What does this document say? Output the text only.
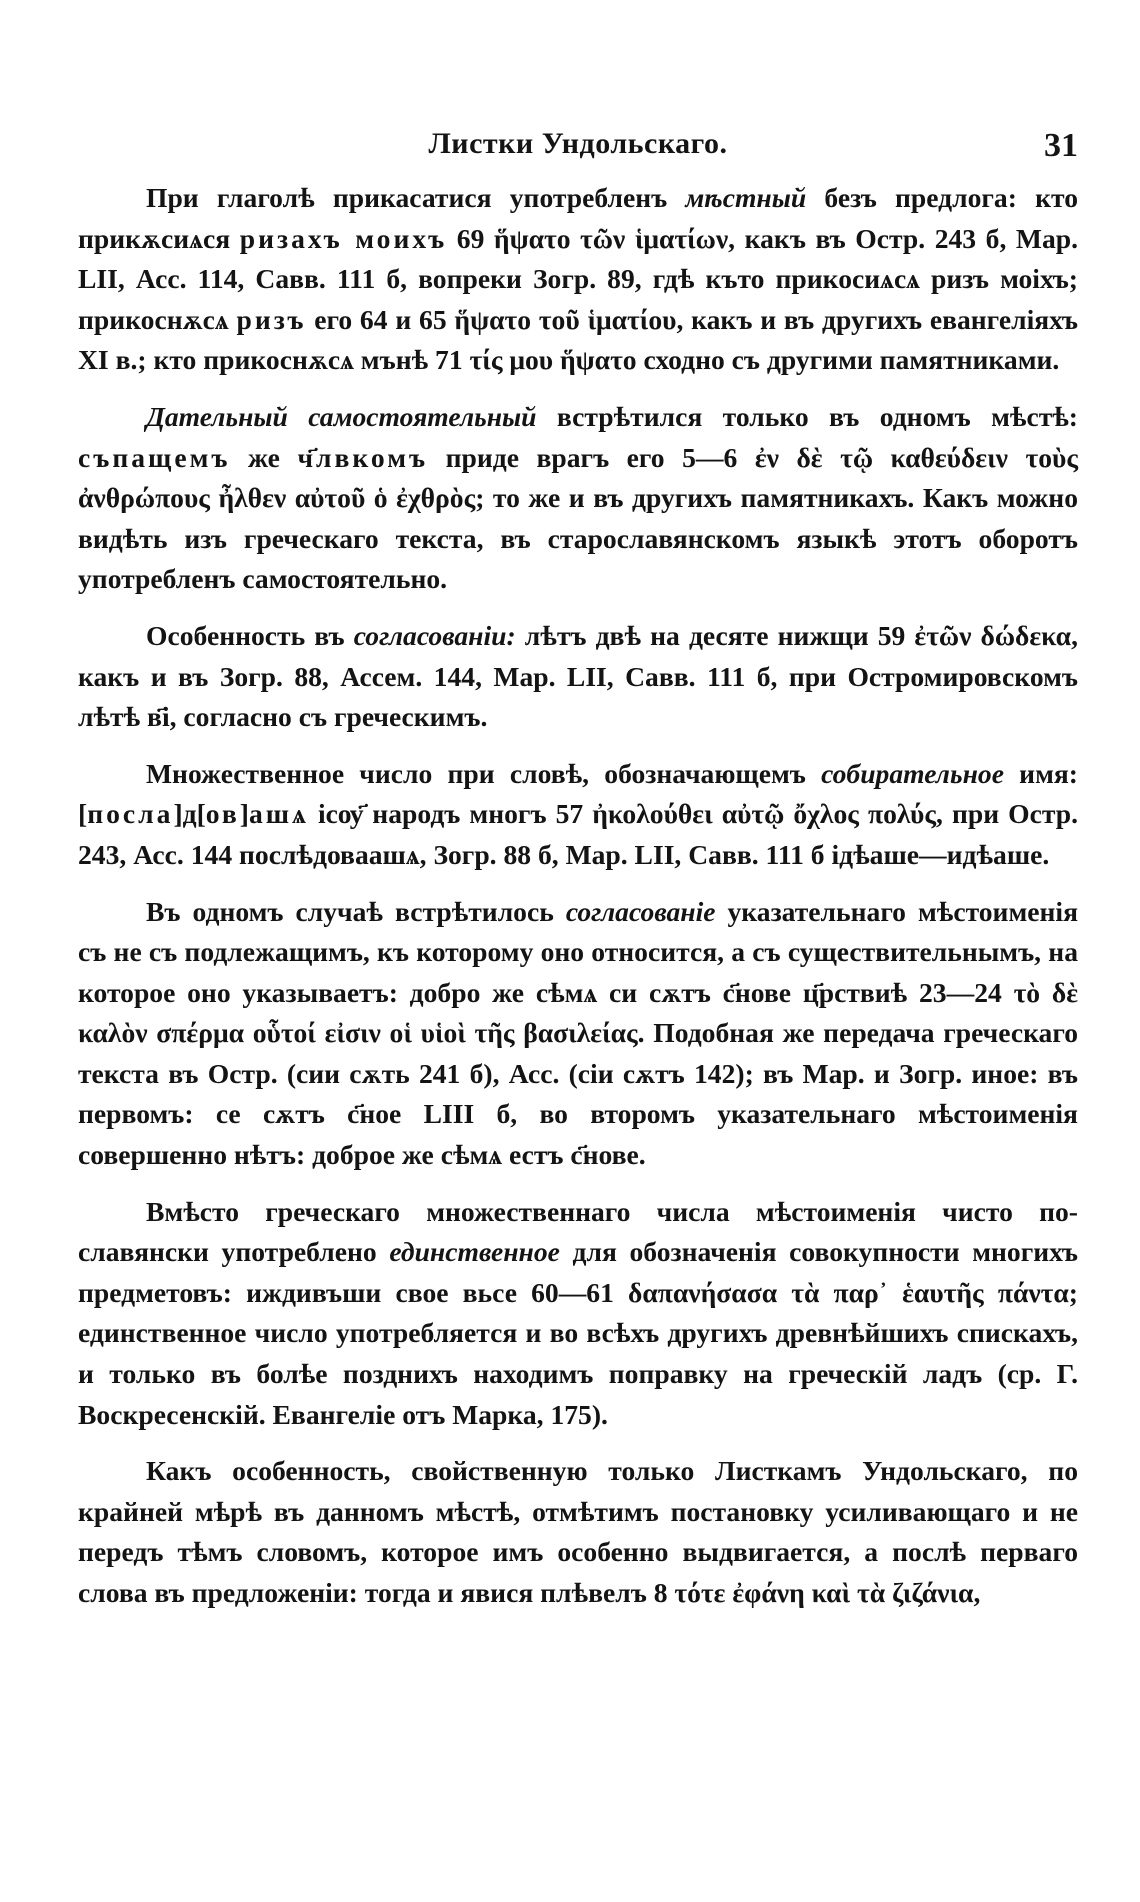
Листки Ундольскаго.	31

При глаголѣ прикасатися употребленъ мѣстный безъ предлога: кто прикѫсиѧся ризахъ моихъ 69 ἥψατο τῶν ἱματίων, какъ въ Остр. 243 б, Мар. LII, Асс. 114, Савв. 111 б, вопреки Зогр. 89, гдѣ къто прикосиѧсѧ ризъ моіхъ; прикоснѫсѧ ризъ его 64 и 65 ἥψατο τοῦ ἱματίου, какъ и въ другихъ евангеліяхъ XI в.; кто прикоснѫсѧ мънѣ 71 τίς μου ἥψατο сходно съ другими памятниками.

Дательный самостоятельный встрѣтился только въ одномъ мѣстѣ: съпащемъ же ч҃лвкомъ приде врагъ его 5—6 ἐν δὲ τῷ καθεύδειν τοὺς ἀνθρώπους ἦλθεν αὐτοῦ ὁ ἐχθρὸς; то же и въ другихъ памятникахъ. Какъ можно видѣть изъ греческаго текста, въ старославянскомъ языкѣ этотъ оборотъ употребленъ самостоятельно.

Особенность въ согласованіи: лѣтъ двѣ на десяте нижщи 59 ἐτῶν δώδεκα, какъ и въ Зогр. 88, Ассем. 144, Мар. LII, Савв. 111 б, при Остромировскомъ лѣтѣ в҃і, согласно съ греческимъ.

Множественное число при словѣ, обозначающемъ собирательное имя: [посла]д[ов]ашѧ ісѹ҃ народъ многъ 57 ἠκολούθει αὐτῷ ὄχλος πολύς, при Остр. 243, Асс. 144 послѣдоваашѧ, Зогр. 88 б, Мар. LII, Савв. 111 б ідѣаше—идѣаше.

Въ одномъ случаѣ встрѣтилось согласованіе указательнаго мѣстоименія съ не съ подлежащимъ, къ которому оно относится, а съ существительнымъ, на которое оно указываетъ: добро же сѣмѧ си сѫтъ с҃нове ц҃рствиѣ 23—24 τὸ δὲ καλὸν σπέρμα οὗτοί εἰσιν οἱ υἱοὶ τῆς βασιλείας. Подобная же передача греческаго текста въ Остр. (сии сѫть 241 б), Асс. (сіи сѫтъ 142); въ Мар. и Зогр. иное: въ первомъ: се сѫтъ с҃ное LIII б, во второмъ указательнаго мѣстоименія совершенно нѣтъ: доброе же сѣмѧ естъ с҃нове.

Вмѣсто греческаго множественнаго числа мѣстоименія чисто по-славянски употреблено единственное для обозначенія совокупности многихъ предметовъ: иждивъши свое вьсе 60—61 δαπανήσασα τὰ παρ᾽ ἑαυτῆς πάντα; единственное число употребляется и во всѣхъ другихъ древнѣйшихъ спискахъ, и только въ болѣе позднихъ находимъ поправку на греческій ладъ (ср. Г. Воскресенскій. Евангеліе отъ Марка, 175).

Какъ особенность, свойственную только Листкамъ Ундольскаго, по крайней мѣрѣ въ данномъ мѣстѣ, отмѣтимъ постановку усиливающаго и не передъ тѣмъ словомъ, которое имъ особенно выдвигается, а послѣ перваго слова въ предложеніи: тогда и явися плѣвелъ 8 τότε ἐφάνη καὶ τὰ ζιζάνια,
